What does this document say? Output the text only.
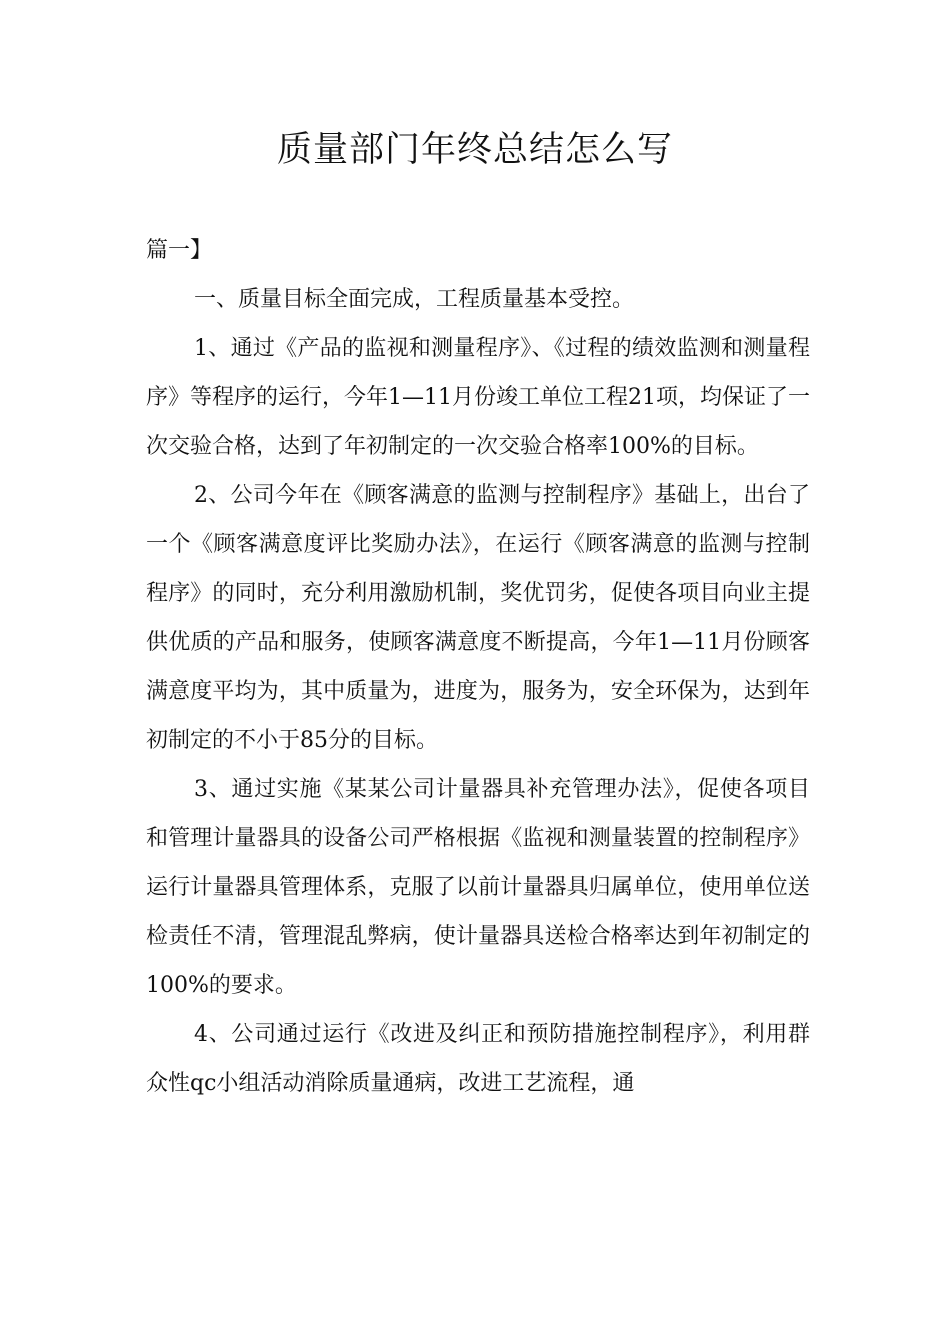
质量部门年终总结怎么写

篇一】

一、质量目标全面完成，工程质量基本受控。

1、通过《产品的监视和测量程序》、《过程的绩效监测和测量程序》等程序的运行，今年1—11月份竣工单位工程21项，均保证了一次交验合格，达到了年初制定的一次交验合格率100%的目标。

2、公司今年在《顾客满意的监测与控制程序》基础上，出台了一个《顾客满意度评比奖励办法》，在运行《顾客满意的监测与控制程序》的同时，充分利用激励机制，奖优罚劣，促使各项目向业主提供优质的产品和服务，使顾客满意度不断提高，今年1—11月份顾客满意度平均为，其中质量为，进度为，服务为，安全环保为，达到年初制定的不小于85分的目标。

3、通过实施《某某公司计量器具补充管理办法》，促使各项目和管理计量器具的设备公司严格根据《监视和测量装置的控制程序》运行计量器具管理体系，克服了以前计量器具归属单位，使用单位送检责任不清，管理混乱弊病，使计量器具送检合格率达到年初制定的100%的要求。

4、公司通过运行《改进及纠正和预防措施控制程序》，利用群众性qc小组活动消除质量通病，改进工艺流程，通
